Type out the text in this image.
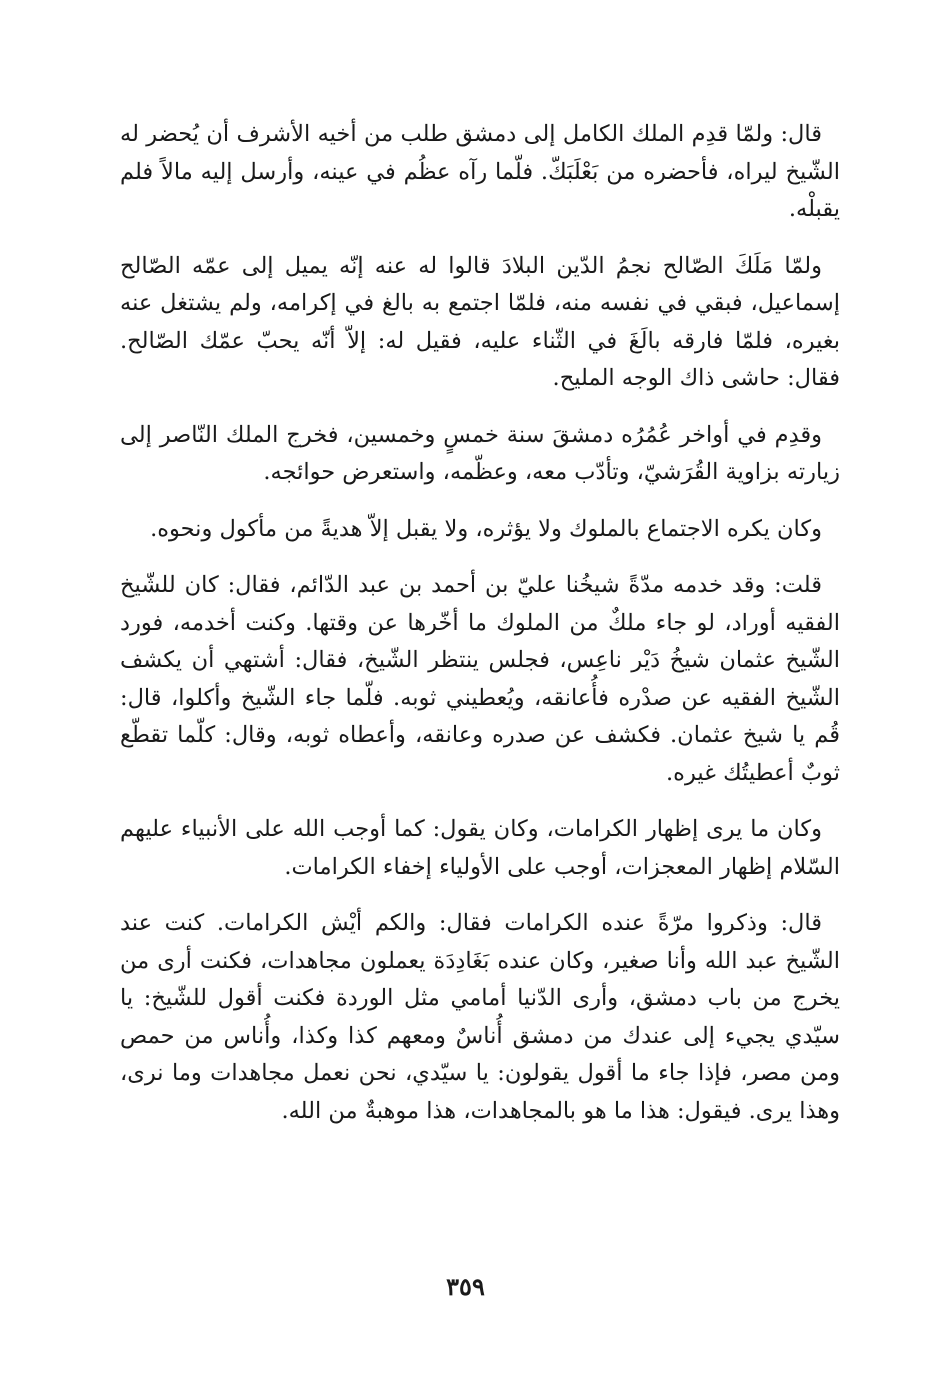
قال: ولمّا قدِم الملك الكامل إلى دمشق طلب من أخيه الأشرف أن يُحضر له الشّيخ ليراه، فأحضره من بَعْلَبَكّ. فلّما رآه عظُم في عينه، وأرسل إليه مالاً فلم يقبلْه.

ولمّا مَلَكَ الصّالح نجمُ الدّين البلادَ قالوا له عنه إنّه يميل إلى عمّه الصّالح إسماعيل، فبقي في نفسه منه، فلمّا اجتمع به بالغ في إكرامه، ولم يشتغل عنه بغيره، فلمّا فارقه بالَغَ في الثّناء عليه، فقيل له: إلاّ أنّه يحبّ عمّك الصّالح. فقال: حاشى ذاك الوجه المليح.

وقدِم في أواخر عُمُرُه دمشقَ سنة خمسٍ وخمسين، فخرج الملك النّاصر إلى زيارته بزاوية القُرَشيّ، وتأدّب معه، وعظّمه، واستعرض حوائجه.

وكان يكره الاجتماع بالملوك ولا يؤثره، ولا يقبل إلاّ هديةً من مأكول ونحوه.

قلت: وقد خدمه مدّةً شيخُنا عليّ بن أحمد بن عبد الدّائم، فقال: كان للشّيخ الفقيه أوراد، لو جاء ملكٌ من الملوك ما أخّرها عن وقتها. وكنت أخدمه، فورد الشّيخ عثمان شيخُ دَيْر ناعِس، فجلس ينتظر الشّيخ، فقال: أشتهي أن يكشف الشّيخ الفقيه عن صدْره فأُعانقه، ويُعطيني ثوبه. فلّما جاء الشّيخ وأكلوا، قال: قُم يا شيخ عثمان. فكشف عن صدره وعانقه، وأعطاه ثوبه، وقال: كلّما تقطّع ثوبٌ أعطيتُك غيره.

وكان ما يرى إظهار الكرامات، وكان يقول: كما أوجب الله على الأنبياء عليهم السّلام إظهار المعجزات، أوجب على الأولياء إخفاء الكرامات.

قال: وذكروا مرّةً عنده الكرامات فقال: والكم أيْش الكرامات. كنت عند الشّيخ عبد الله وأنا صغير، وكان عنده بَغَادِدَة يعملون مجاهدات، فكنت أرى من يخرج من باب دمشق، وأرى الدّنيا أمامي مثل الوردة فكنت أقول للشّيخ: يا سيّدي يجيء إلى عندك من دمشق أُناسٌ ومعهم كذا وكذا، وأُناس من حمص ومن مصر، فإذا جاء ما أقول يقولون: يا سيّدي، نحن نعمل مجاهدات وما نرى، وهذا يرى. فيقول: هذا ما هو بالمجاهدات، هذا موهبةٌ من الله.

٣٥٩
